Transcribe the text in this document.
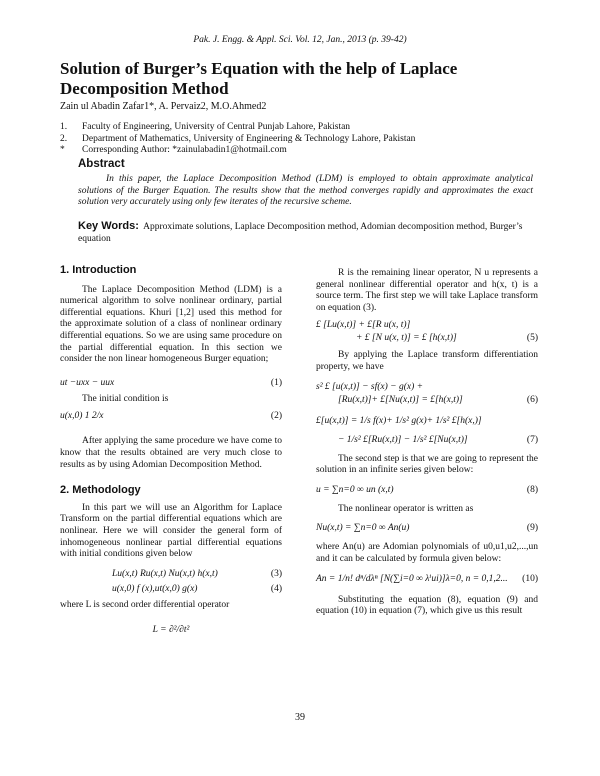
Pak. J. Engg. & Appl. Sci. Vol. 12, Jan., 2013 (p. 39-42)
Solution of Burger’s Equation with the help of Laplace Decomposition Method
Zain ul Abadin Zafar1*, A. Pervaiz2, M.O.Ahmed2
1. Faculty of Engineering, University of Central Punjab Lahore, Pakistan
2. Department of Mathematics, University of Engineering & Technology Lahore, Pakistan
* Corresponding Author: *zainulabadin1@hotmail.com
Abstract
In this paper, the Laplace Decomposition Method (LDM) is employed to obtain approximate analytical solutions of the Burger Equation. The results show that the method converges rapidly and approximates the exact solution very accurately using only few iterates of the recursive scheme.
Key Words: Approximate solutions, Laplace Decomposition method, Adomian decomposition method, Burger’s equation
1. Introduction
The Laplace Decomposition Method (LDM) is a numerical algorithm to solve nonlinear ordinary, partial differential equations. Khuri [1,2] used this method for the approximate solution of a class of nonlinear ordinary differential equations. So we are using same procedure on the partial differential equation. In this section we consider the non linear homogeneous Burger equation;
ut −uxx − uux	(1)
The initial condition is
u(x,0) 1 2/x	(2)
After applying the same procedure we have come to know that the results obtained are very much close to results as by using Adomian Decomposition Method.
2. Methodology
In this part we will use an Algorithm for Laplace Transform on the partial differential equations which are nonlinear. Here we will consider the general form of inhomogeneous nonlinear partial differential equations with initial conditions given below
Lu(x,t) Ru(x,t) Nu(x,t) h(x,t)	(3)
u(x,0) f (x),ut(x,0) g(x)	(4)
where L is second order differential operator
L = ∂²/∂t²
R is the remaining linear operator, N u represents a general nonlinear differential operator and h(x, t) is a source term. The first step we will take Laplace transform on equation (3).
£ [Lu(x,t)] + £[R u(x, t)]
+ £ [N u(x, t)] = £ [h(x,t)]	(5)
By applying the Laplace transform differentiation property, we have
s² £ [u(x,t)] − sf(x) − g(x) +
[Ru(x,t)]+ £[Nu(x,t)] = £[h(x,t)]	(6)
£[u(x,t)] = 1/s f(x)+ 1/s² g(x)+ 1/s² £[h(x,)]
− 1/s² £[Ru(x,t)] − 1/s² £[Nu(x,t)]	(7)
The second step is that we are going to represent the solution in an infinite series given below:
u = ∑n=0 ∞ un (x,t)	(8)
The nonlinear operator is written as
Nu(x,t) = ∑n=0 ∞ An(u)	(9)
where An(u) are Adomian polynomials of u0,u1,u2,...,un and it can be calculated by formula given below:
An = 1/n! dⁿ/dλⁿ [N(∑i=0 ∞ λⁱui)]λ=0, n = 0,1,2... (10)
Substituting the equation (8), equation (9) and equation (10) in equation (7), which give us this result
39
